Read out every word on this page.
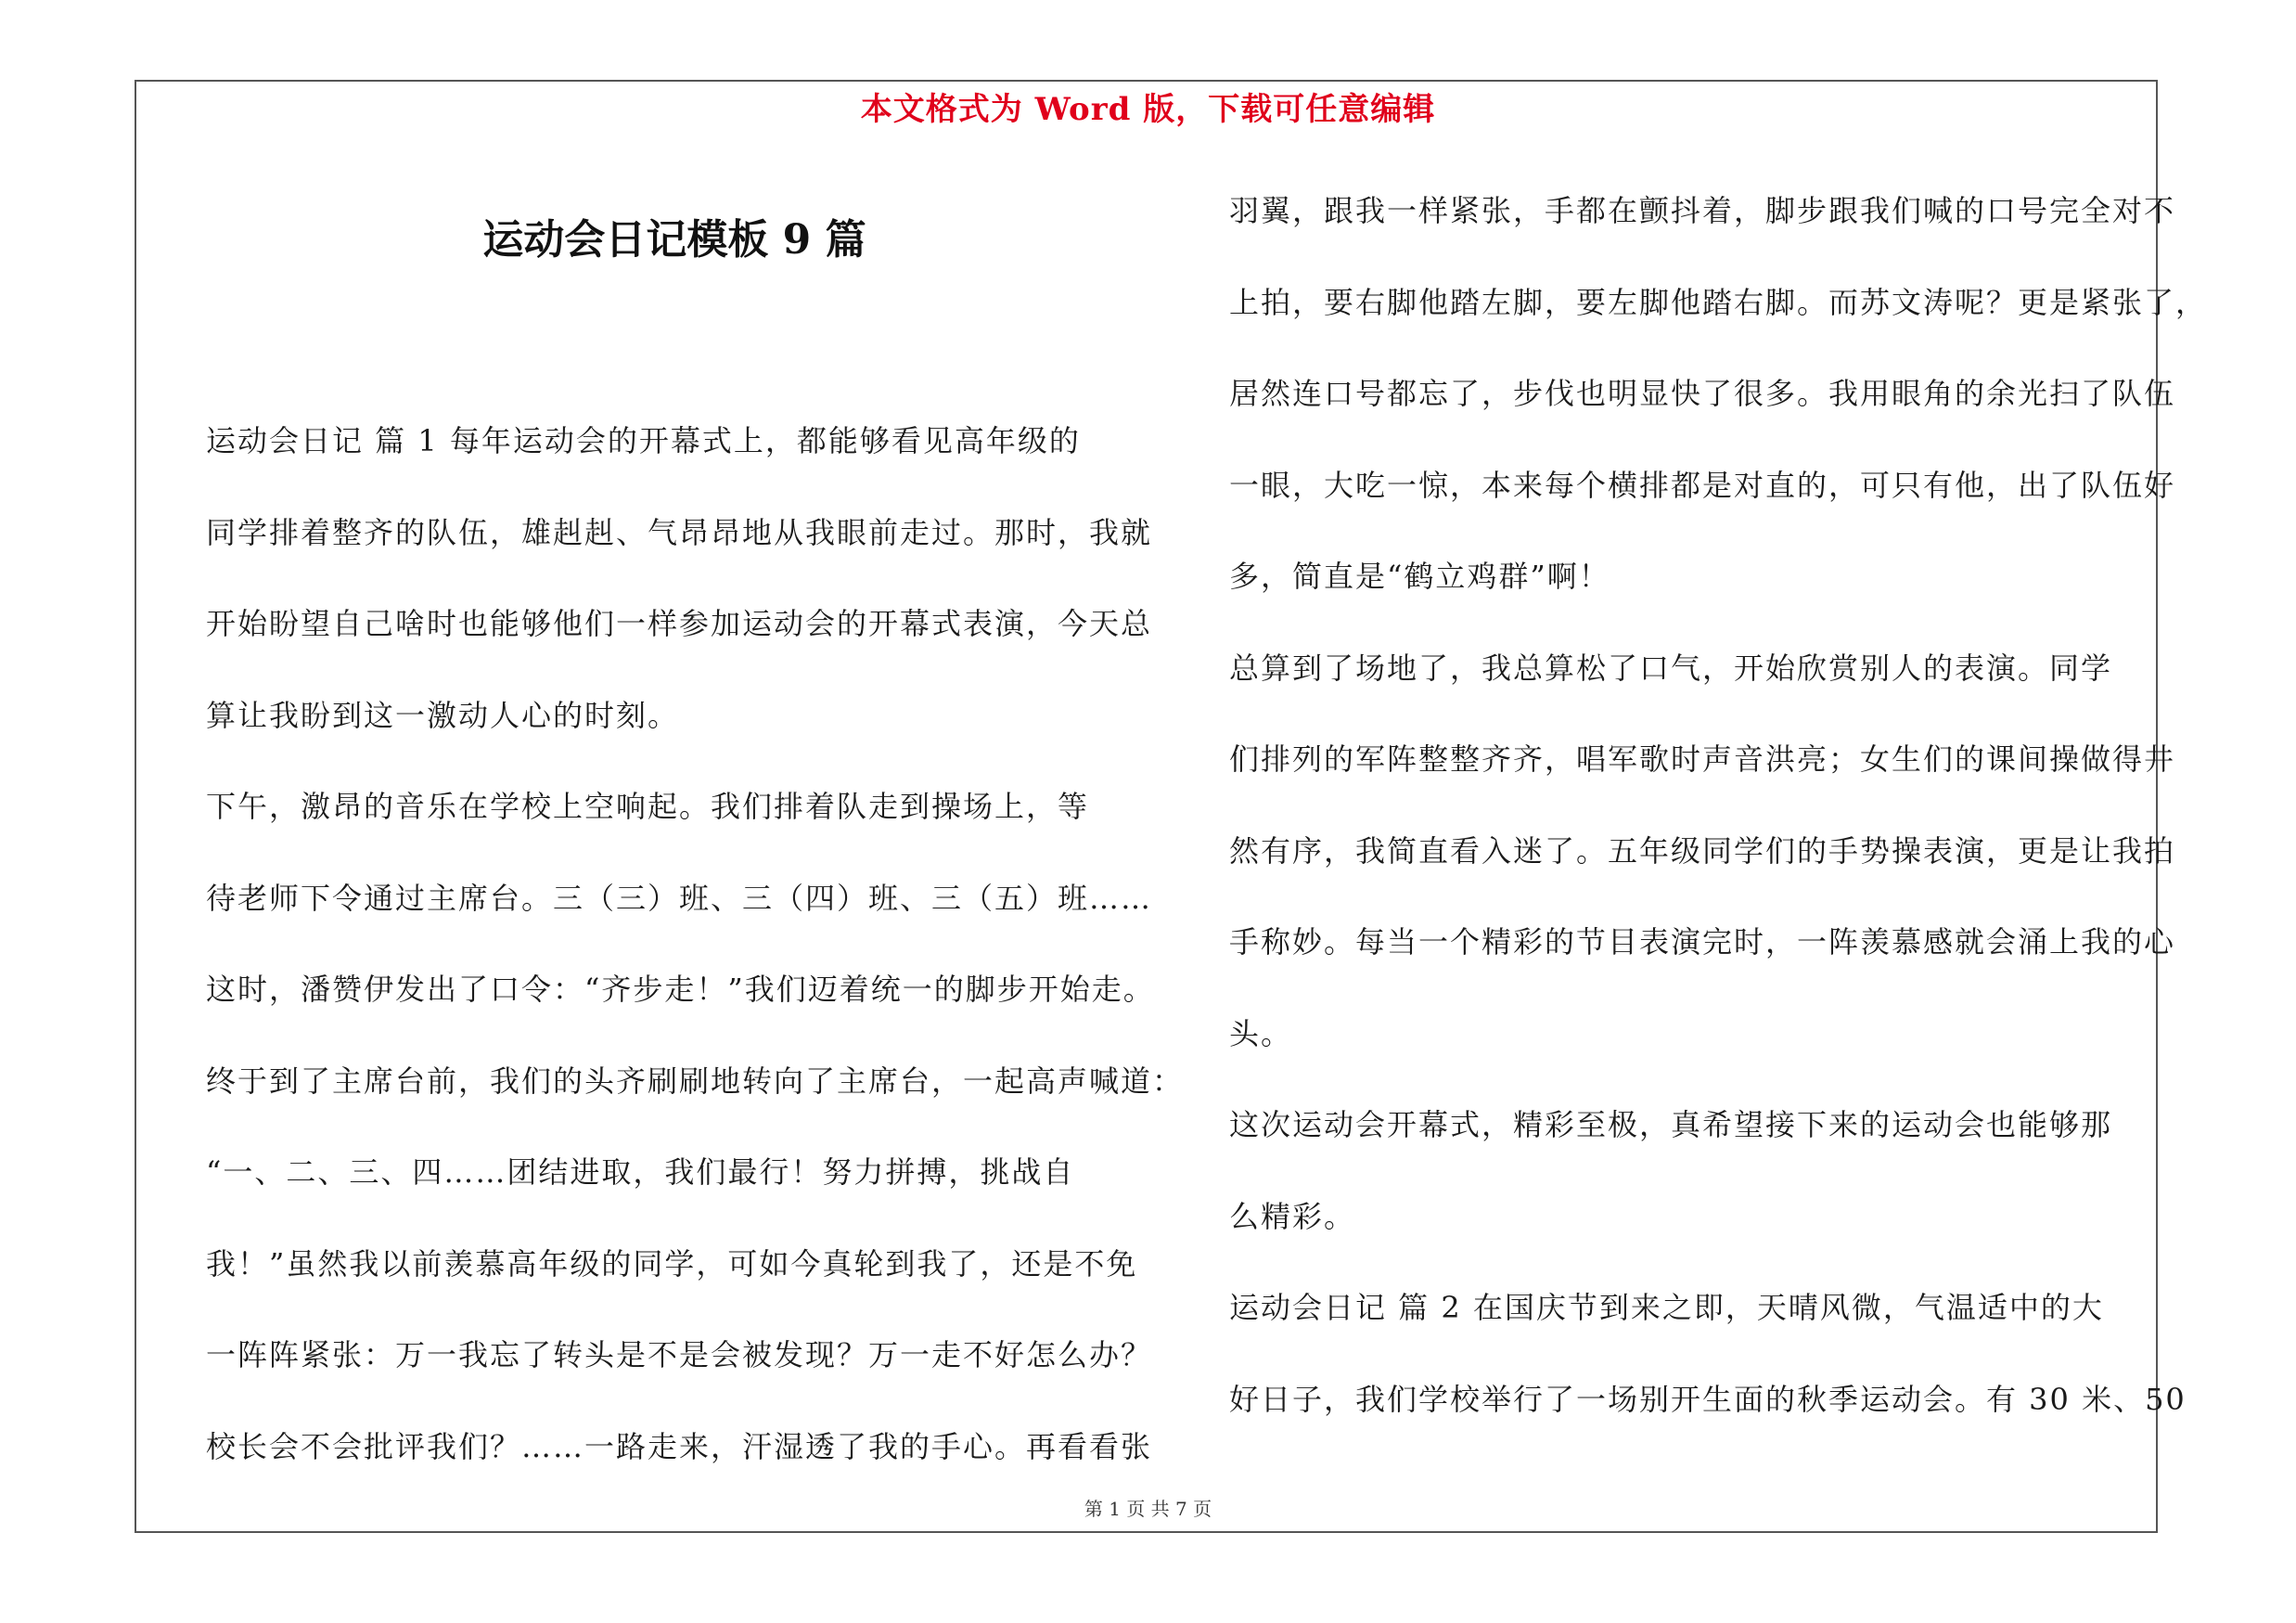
本文格式为 Word 版，下载可任意编辑
运动会日记模板 9 篇
运动会日记 篇 1 每年运动会的开幕式上，都能够看见高年级的
同学排着整齐的队伍，雄赳赳、气昂昂地从我眼前走过。那时，我就
开始盼望自己啥时也能够他们一样参加运动会的开幕式表演，今天总
算让我盼到这一激动人心的时刻。
下午，激昂的音乐在学校上空响起。我们排着队走到操场上，等
待老师下令通过主席台。三（三）班、三（四）班、三（五）班……
这时，潘赞伊发出了口令：“齐步走！”我们迈着统一的脚步开始走。
终于到了主席台前，我们的头齐刷刷地转向了主席台，一起高声喊道：
“一、二、三、四……团结进取，我们最行！努力拼搏，挑战自
我！”虽然我以前羡慕高年级的同学，可如今真轮到我了，还是不免
一阵阵紧张：万一我忘了转头是不是会被发现？万一走不好怎么办？
校长会不会批评我们？……一路走来，汗湿透了我的手心。再看看张
羽翼，跟我一样紧张，手都在颤抖着，脚步跟我们喊的口号完全对不
上拍，要右脚他踏左脚，要左脚他踏右脚。而苏文涛呢？更是紧张了，
居然连口号都忘了，步伐也明显快了很多。我用眼角的余光扫了队伍
一眼，大吃一惊，本来每个横排都是对直的，可只有他，出了队伍好
多，简直是“鹤立鸡群”啊！
总算到了场地了，我总算松了口气，开始欣赏别人的表演。同学
们排列的军阵整整齐齐，唱军歌时声音洪亮；女生们的课间操做得井
然有序，我简直看入迷了。五年级同学们的手势操表演，更是让我拍
手称妙。每当一个精彩的节目表演完时，一阵羡慕感就会涌上我的心
头。
这次运动会开幕式，精彩至极，真希望接下来的运动会也能够那
么精彩。
运动会日记 篇 2 在国庆节到来之即，天晴风微，气温适中的大
好日子，我们学校举行了一场别开生面的秋季运动会。有 30 米、50
第 1 页 共 7 页
